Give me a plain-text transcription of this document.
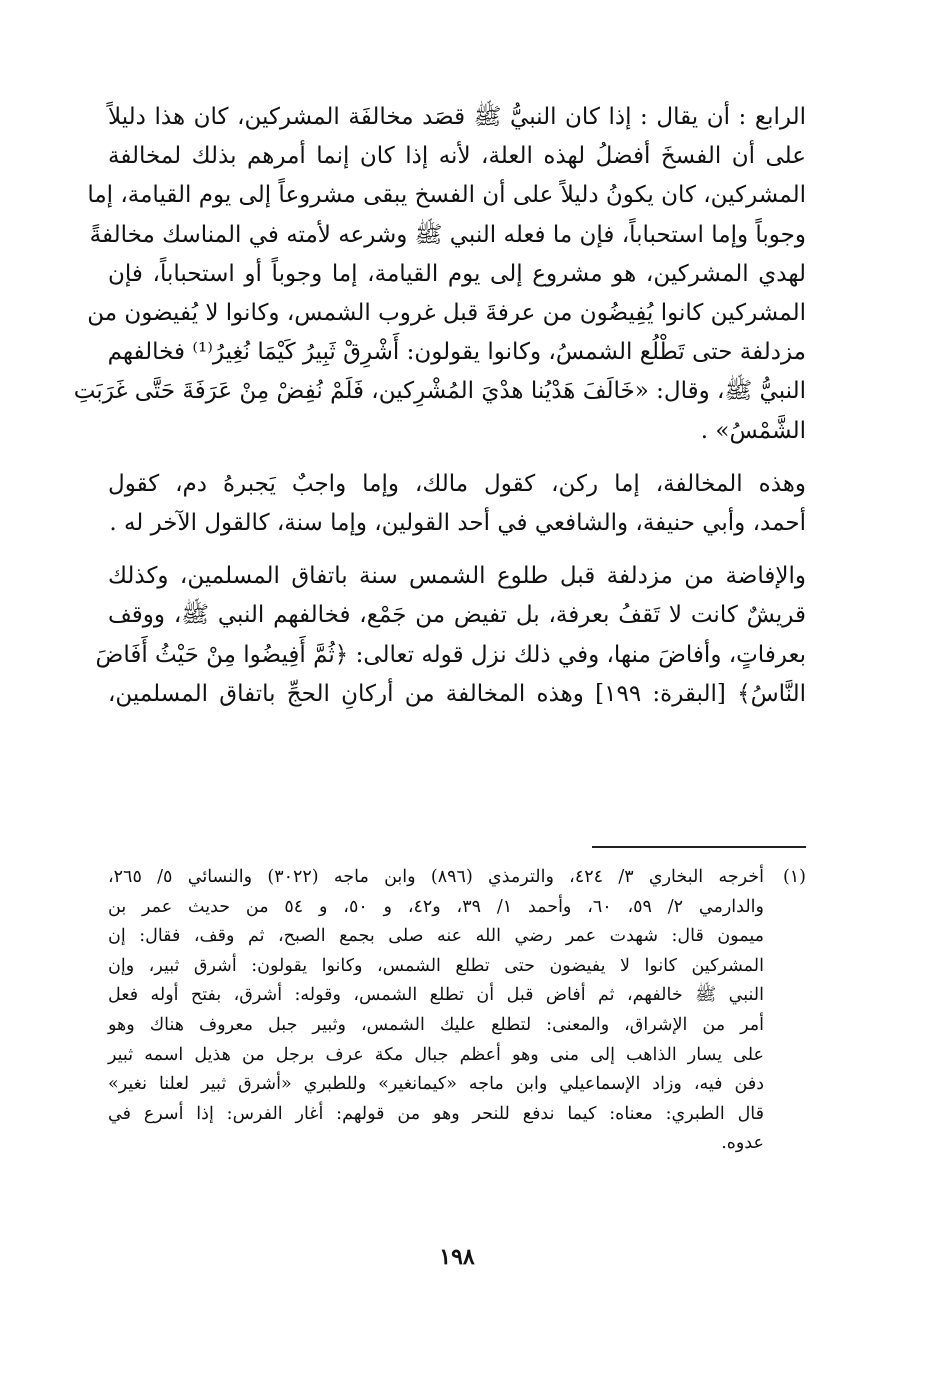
الرابع : أن يقال : إذا كان النبيُّ ﷺ قصَد مخالفَة المشركين، كان هذا دليلاً
على أن الفسخَ أفضلُ لهذه العلة، لأنه إذا كان إنما أمرهم بذلك لمخالفة
المشركين، كان يكونُ دليلاً على أن الفسخ يبقى مشروعاً إلى يوم القيامة، إما
وجوباً وإما استحباباً، فإن ما فعله النبي ﷺ وشرعه لأمته في المناسك مخالفةً
لهدي المشركين، هو مشروع إلى يوم القيامة، إما وجوباً أو استحباباً، فإن
المشركين كانوا يُفِيضُون من عرفةَ قبل غروب الشمس، وكانوا لا يُفيضون من
مزدلفة حتى تَطْلُع الشمسُ، وكانوا يقولون: أَشْرِقْ ثَبِيرُ كَيْمَا نُغِيرُ⁽¹⁾ فخالفهم
النبيُّ ﷺ، وقال: «خَالَفَ هَدْيُنا هدْيَ المُشْرِكين، فَلَمْ نُفِضْ مِنْ عَرَفَةَ حَتَّى غَرَبَتِ
الشَّمْسُ» .
وهذه المخالفة، إما ركن، كقول مالك، وإما واجبٌ يَجبرهُ دم، كقول
أحمد، وأبي حنيفة، والشافعي في أحد القولين، وإما سنة، كالقول الآخر له .
والإفاضة من مزدلفة قبل طلوع الشمس سنة باتفاق المسلمين، وكذلك
قريشٌ كانت لا تَقفُ بعرفة، بل تفيض من جَمْع، فخالفهم النبي ﷺ، ووقف
بعرفاتٍ، وأفاضَ منها، وفي ذلك نزل قوله تعالى: ﴿ثُمَّ أَفِيضُوا مِنْ حَيْثُ أَفَاضَ
النَّاسُ﴾ [البقرة: ١٩٩] وهذه المخالفة من أركانِ الحجِّ باتفاق المسلمين،
(١)
أخرجه البخاري ٣/ ٤٢٤، والترمذي (٨٩٦) وابن ماجه (٣٠٢٢) والنسائي ٥/ ٢٦٥،
والدارمي ٢/ ٥٩، ٦٠، وأحمد ١/ ٣٩، و٤٢، و ٥٠، و ٥٤ من حديث عمر بن
ميمون قال: شهدت عمر رضي الله عنه صلى بجمع الصبح، ثم وقف، فقال: إن
المشركين كانوا لا يفيضون حتى تطلع الشمس، وكانوا يقولون: أشرق ثبير، وإن
النبي ﷺ خالفهم، ثم أفاض قبل أن تطلع الشمس، وقوله: أشرق، بفتح أوله فعل
أمر من الإشراق، والمعنى: لتطلع عليك الشمس، وثبير جبل معروف هناك وهو
على يسار الذاهب إلى منى وهو أعظم جبال مكة عرف برجل من هذيل اسمه ثبير
دفن فيه، وزاد الإسماعيلي وابن ماجه «كيمانغير» وللطبري «أشرق ثبير لعلنا نغير»
قال الطبري: معناه: كيما ندفع للنحر وهو من قولهم: أغار الفرس: إذا أسرع في
عدوه.
١٩٨
